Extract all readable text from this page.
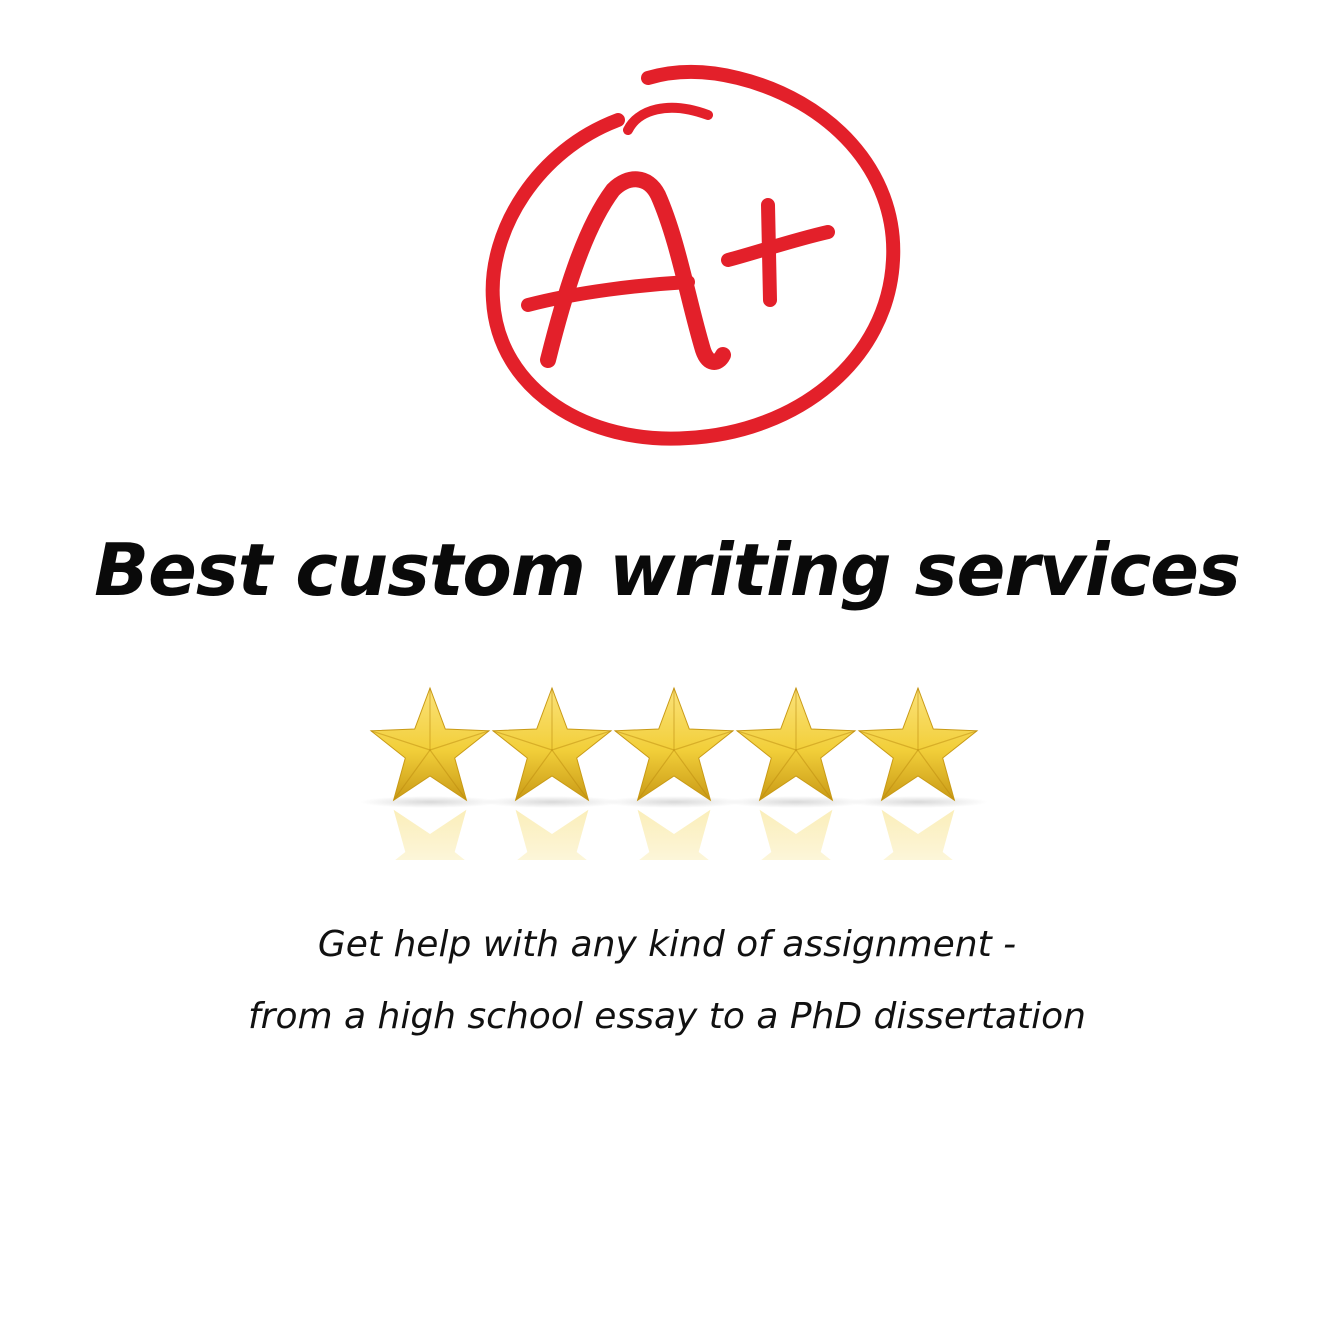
Best custom writing services

Get help with any kind of assignment -

from a high school essay to a PhD dissertation
